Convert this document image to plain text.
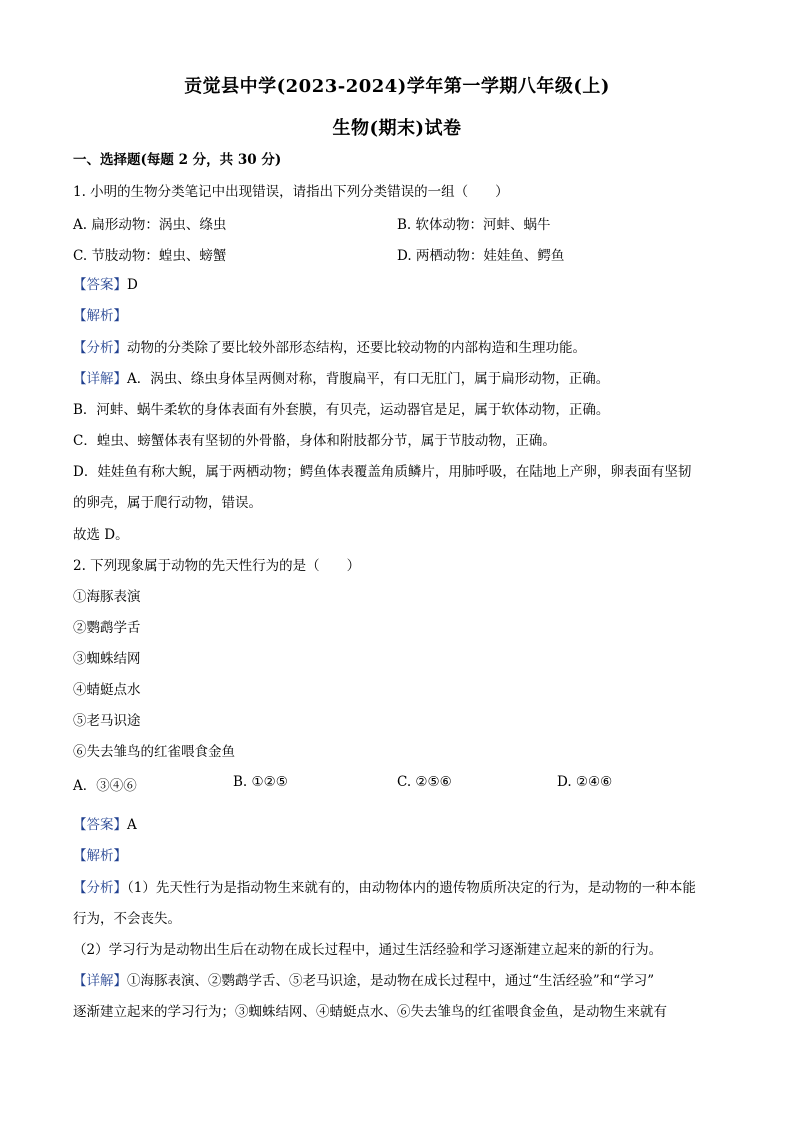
贡觉县中学(2023-2024)学年第一学期八年级(上)
生物(期末)试卷
一、选择题(每题 2 分，共 30 分)
1. 小明的生物分类笔记中出现错误，请指出下列分类错误的一组（　　）
A. 扁形动物：涡虫、绦虫	B. 软体动物：河蚌、蜗牛
C. 节肢动物：蝗虫、螃蟹	D. 两栖动物：娃娃鱼、鳄鱼
【答案】D
【解析】
【分析】动物的分类除了要比较外部形态结构，还要比较动物的内部构造和生理功能。
【详解】A．涡虫、绦虫身体呈两侧对称，背腹扁平，有口无肛门，属于扁形动物，正确。
B．河蚌、蜗牛柔软的身体表面有外套膜，有贝壳，运动器官是足，属于软体动物，正确。
C．蝗虫、螃蟹体表有坚韧的外骨骼，身体和附肢都分节，属于节肢动物，正确。
D．娃娃鱼有称大鲵，属于两栖动物；鳄鱼体表覆盖角质鳞片，用肺呼吸，在陆地上产卵，卵表面有坚韧
的卵壳，属于爬行动物，错误。
故选 D。
2. 下列现象属于动物的先天性行为的是（　　）
①海豚表演
②鹦鹉学舌
③蜘蛛结网
④蜻蜓点水
⑤老马识途
⑥失去雏鸟的红雀喂食金鱼
A．③④⑥	B. ①②⑤	C. ②⑤⑥	D. ②④⑥
【答案】A
【解析】
【分析】（1）先天性行为是指动物生来就有的，由动物体内的遗传物质所决定的行为，是动物的一种本能
行为，不会丧失。
（2）学习行为是动物出生后在动物在成长过程中，通过生活经验和学习逐渐建立起来的新的行为。
【详解】①海豚表演、②鹦鹉学舌、⑤老马识途，是动物在成长过程中，通过“生活经验”和“学习”
逐渐建立起来的学习行为；③蜘蛛结网、④蜻蜓点水、⑥失去雏鸟的红雀喂食金鱼，是动物生来就有
